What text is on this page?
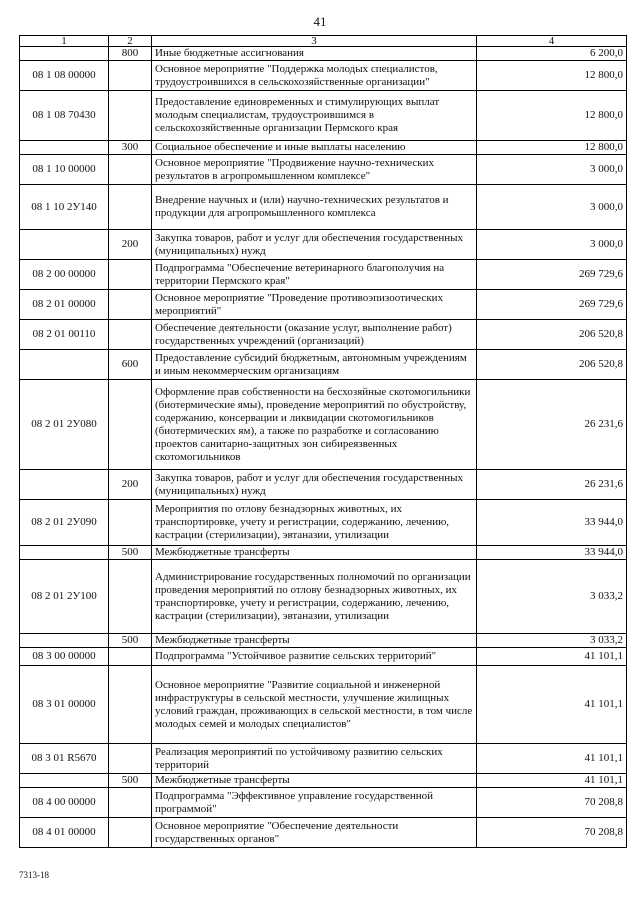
41
1	2	3	4
	800	Иные бюджетные ассигнования	6 200,0
08 1 08 00000		Основное мероприятие "Поддержка молодых специалистов, трудоустроившихся в сельскохозяйственные организации"	12 800,0
08 1 08 70430		Предоставление единовременных и стимулирующих выплат молодым специалистам, трудоустроившимся в сельскохозяйственные организации Пермского края	12 800,0
	300	Социальное обеспечение и иные выплаты населению	12 800,0
08 1 10 00000		Основное мероприятие "Продвижение научно-технических результатов в агропромышленном комплексе"	3 000,0
08 1 10 2У140		Внедрение научных и (или) научно-технических результатов и продукции для агропромышленного комплекса	3 000,0
	200	Закупка товаров, работ и услуг для обеспечения государственных (муниципальных) нужд	3 000,0
08 2 00 00000		Подпрограмма "Обеспечение ветеринарного благополучия на территории Пермского края"	269 729,6
08 2 01 00000		Основное мероприятие "Проведение противоэпизоотических мероприятий"	269 729,6
08 2 01 00110		Обеспечение деятельности (оказание услуг, выполнение работ) государственных учреждений (организаций)	206 520,8
	600	Предоставление субсидий бюджетным, автономным учреждениям и иным некоммерческим организациям	206 520,8
08 2 01 2У080		Оформление прав собственности на бесхозяйные скотомогильники (биотермические ямы), проведение мероприятий по обустройству, содержанию, консервации и ликвидации скотомогильников (биотермических ям), а также по разработке и согласованию проектов санитарно-защитных зон сибиреязвенных скотомогильников	26 231,6
	200	Закупка товаров, работ и услуг для обеспечения государственных (муниципальных) нужд	26 231,6
08 2 01 2У090		Мероприятия по отлову безнадзорных животных, их транспортировке, учету и регистрации, содержанию, лечению, кастрации (стерилизации), эвтаназии, утилизации	33 944,0
	500	Межбюджетные трансферты	33 944,0
08 2 01 2У100		Администрирование государственных полномочий по организации проведения мероприятий по отлову безнадзорных животных, их транспортировке, учету и регистрации, содержанию, лечению, кастрации (стерилизации), эвтаназии, утилизации	3 033,2
	500	Межбюджетные трансферты	3 033,2
08 3 00 00000		Подпрограмма "Устойчивое развитие сельских территорий"	41 101,1
08 3 01 00000		Основное мероприятие "Развитие социальной и инженерной инфраструктуры в сельской местности, улучшение жилищных условий граждан, проживающих в сельской местности, в том числе молодых семей и молодых специалистов"	41 101,1
08 3 01 R5670		Реализация мероприятий по устойчивому развитию сельских территорий	41 101,1
	500	Межбюджетные трансферты	41 101,1
08 4 00 00000		Подпрограмма "Эффективное управление государственной программой"	70 208,8
08 4 01 00000		Основное мероприятие "Обеспечение деятельности государственных органов"	70 208,8
7313-18
